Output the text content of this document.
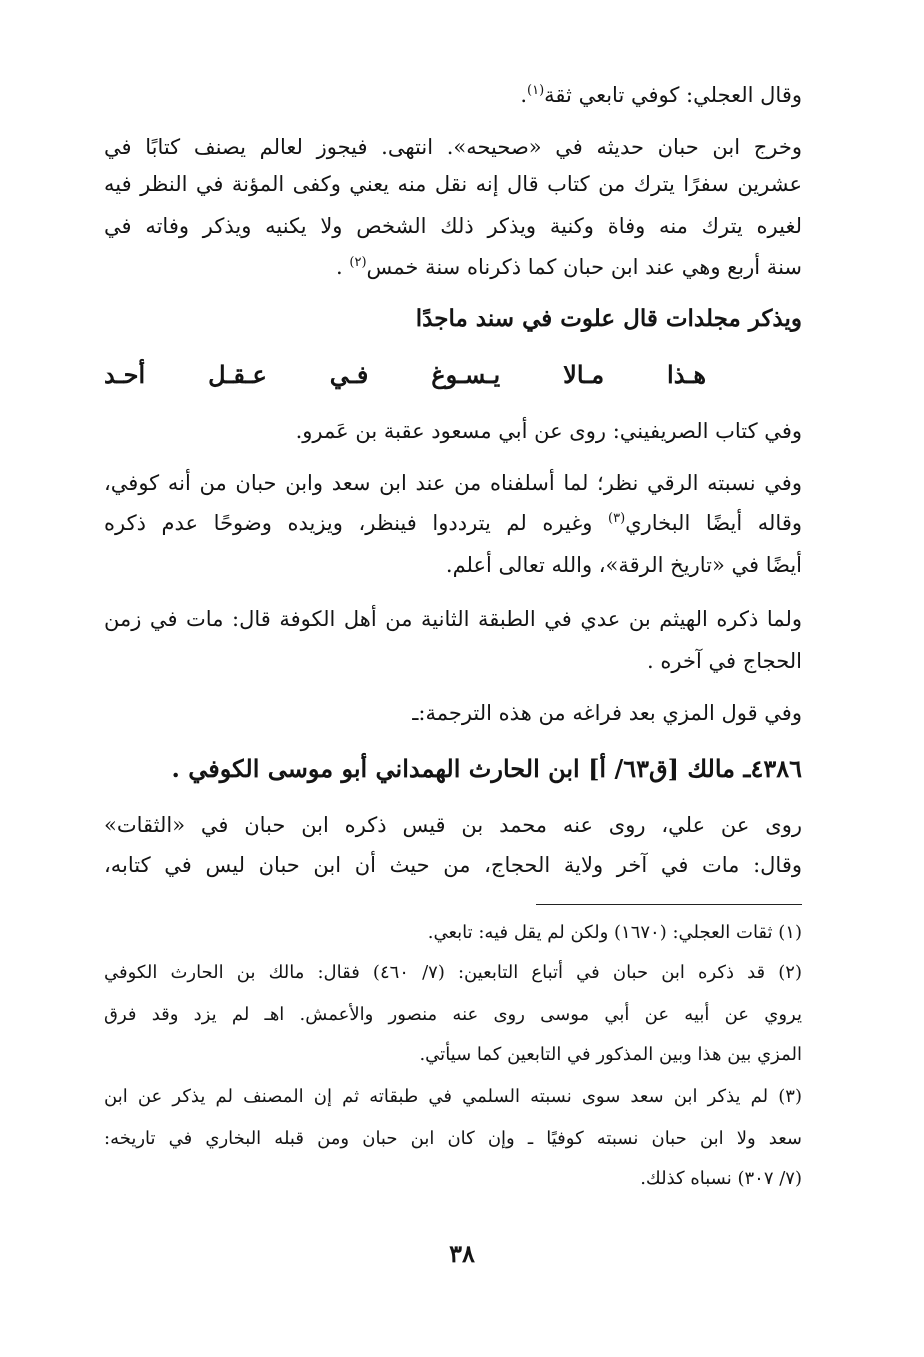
وقال العجلي: كوفي تابعي ثقة$^{(١)}$.
وخرج ابن حبان حديثه في «صحيحه». انتهى. فيجوز لعالم يصنف كتابًا في
عشرين سفرًا يترك من كتاب قال إنه نقل منه يعني وكفى المؤنة في النظر فيه
لغيره يترك منه وفاة وكنية ويذكر ذلك الشخص ولا يكنيه ويذكر وفاته في
سنة أربع وهي عند ابن حبان كما ذكرناه سنة خمس$^{(٢)}$ .
ويذكر مجلدات قال علوت في سند ماجدًا
هـذا مـالا يـسـوغ فـي عـقـل أحـد
وفي كتاب الصريفيني: روى عن أبي مسعود عقبة بن عَمرو.
وفي نسبته الرقي نظر؛ لما أسلفناه من عند ابن سعد وابن حبان من أنه كوفي،
وقاله أيضًا البخاري$^{(٣)}$ وغيره لم يترددوا فينظر، ويزيده وضوحًا عدم ذكره
أيضًا في «تاريخ الرقة»، والله تعالى أعلم.
ولما ذكره الهيثم بن عدي في الطبقة الثانية من أهل الكوفة قال: مات في زمن
الحجاج في آخره .
وفي قول المزي بعد فراغه من هذه الترجمة:ـ
٤٣٨٦ـ مالك [ق٦٣/ أ] ابن الحارث الهمداني أبو موسى الكوفي .
روى عن علي، روى عنه محمد بن قيس ذكره ابن حبان في «الثقات»
وقال: مات في آخر ولاية الحجاج، من حيث أن ابن حبان ليس في كتابه،
(١) ثقات العجلي: (١٦٧٠) ولكن لم يقل فيه: تابعي.
(٢) قد ذكره ابن حبان في أتباع التابعين: (٧/ ٤٦٠) فقال: مالك بن الحارث الكوفي
يروي عن أبيه عن أبي موسى روى عنه منصور والأعمش. اهـ لم يزد وقد فرق
المزي بين هذا وبين المذكور في التابعين كما سيأتي.
(٣) لم يذكر ابن سعد سوى نسبته السلمي في طبقاته ثم إن المصنف لم يذكر عن ابن
سعد ولا ابن حبان نسبته كوفيًا ـ وإن كان ابن حبان ومن قبله البخاري في تاريخه:
(٧/ ٣٠٧) نسباه كذلك.
٣٨
